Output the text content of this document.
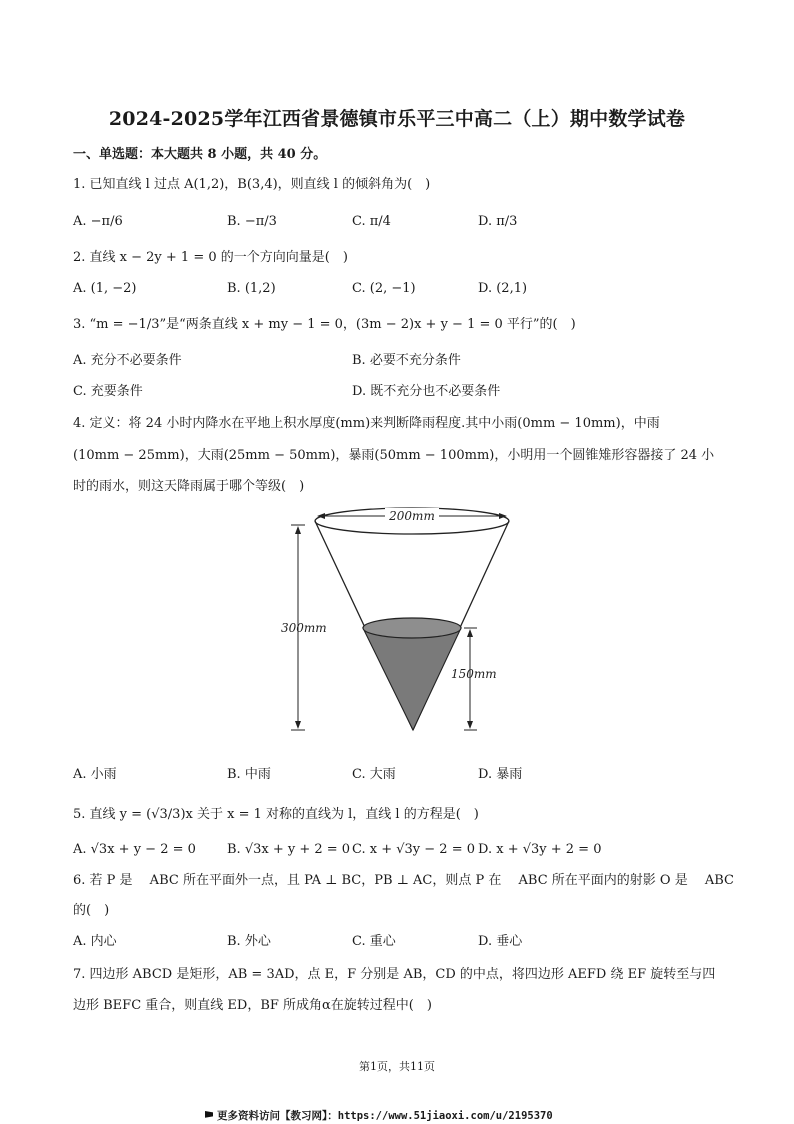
2024-2025学年江西省景德镇市乐平三中高二（上）期中数学试卷
一、单选题：本大题共 8 小题，共 40 分。
1. 已知直线 l 过点 A(1,2)，B(3,4)，则直线 l 的倾斜角为(　)
A. −π/6	B. −π/3	C. π/4	D. π/3
2. 直线 x − 2y + 1 = 0 的一个方向向量是(　)
A. (1, −2)	B. (1,2)	C. (2, −1)	D. (2,1)
3. “m = −1/3”是“两条直线 x + my − 1 = 0，(3m − 2)x + y − 1 = 0 平行”的(　)
A. 充分不必要条件	B. 必要不充分条件
C. 充要条件	D. 既不充分也不必要条件
4. 定义：将 24 小时内降水在平地上积水厚度(mm)来判断降雨程度.其中小雨(0mm − 10mm)，中雨
(10mm − 25mm)，大雨(25mm − 50mm)，暴雨(50mm − 100mm)，小明用一个圆锥雉形容器接了 24 小
时的雨水，则这天降雨属于哪个等级(　)
200mm
300mm
150mm
A. 小雨	B. 中雨	C. 大雨	D. 暴雨
5. 直线 y = (√3/3)x 关于 x = 1 对称的直线为 l，直线 l 的方程是(　)
A. √3x + y − 2 = 0 B. √3x + y + 2 = 0 C. x + √3y − 2 = 0 D. x + √3y + 2 = 0
6. 若 P 是 　ABC 所在平面外一点，且 PA ⊥ BC，PB ⊥ AC，则点 P 在 　ABC 所在平面内的射影 O 是 　ABC
的(　)
A. 内心	B. 外心	C. 重心	D. 垂心
7. 四边形 ABCD 是矩形，AB = 3AD，点 E，F 分别是 AB，CD 的中点，将四边形 AEFD 绕 EF 旋转至与四
边形 BEFC 重合，则直线 ED，BF 所成角α在旋转过程中(　)
第1页，共11页
更多资料访问【教习网】：https://www.51jiaoxi.com/u/2195370
